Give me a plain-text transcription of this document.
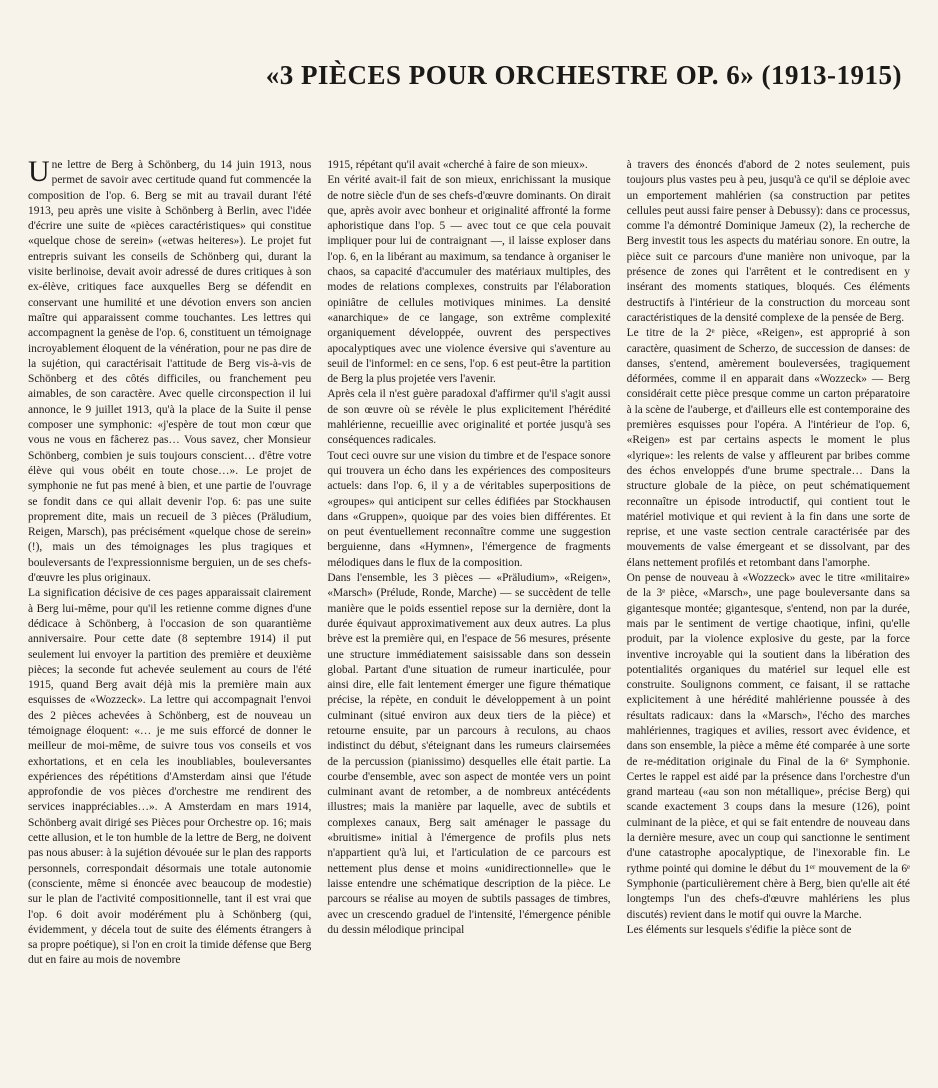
«3 PIÈCES POUR ORCHESTRE OP. 6» (1913-1915)

Une lettre de Berg à Schönberg, du 14 juin 1913, nous permet de savoir avec certitude quand fut commencée la composition de l'op. 6. Berg se mit au travail durant l'été 1913, peu après une visite à Schönberg à Berlin, avec l'idée d'écrire une suite de «pièces caractéristiques» qui constitue «quelque chose de serein» («etwas heiteres»). Le projet fut entrepris suivant les conseils de Schönberg qui, durant la visite berlinoise, devait avoir adressé de dures critiques à son ex-élève, critiques face auxquelles Berg se défendit en conservant une humilité et une dévotion envers son ancien maître qui apparaissent comme touchantes. Les lettres qui accompagnent la genèse de l'op. 6, constituent un témoignage incroyablement éloquent de la vénération, pour ne pas dire de la sujétion, qui caractérisait l'attitude de Berg vis-à-vis de Schönberg et des côtés difficiles, ou franchement peu aimables, de son caractère. Avec quelle circonspection il lui annonce, le 9 juillet 1913, qu'à la place de la Suite il pense composer une symphonic: «j'espère de tout mon cœur que vous ne vous en fâcherez pas… Vous savez, cher Monsieur Schönberg, combien je suis toujours conscient… d'être votre élève qui vous obéit en toute chose…». Le projet de symphonie ne fut pas mené à bien, et une partie de l'ouvrage se fondit dans ce qui allait devenir l'op. 6: pas une suite proprement dite, mais un recueil de 3 pièces (Präludium, Reigen, Marsch), pas précisément «quelque chose de serein» (!), mais un des témoignages les plus tragiques et bouleversants de l'expressionnisme berguien, un de ses chefs-d'œuvre les plus originaux.

La signification décisive de ces pages apparaissait clairement à Berg lui-même, pour qu'il les retienne comme dignes d'une dédicace à Schönberg, à l'occasion de son quarantième anniversaire. Pour cette date (8 septembre 1914) il put seulement lui envoyer la partition des première et deuxième pièces; la seconde fut achevée seulement au cours de l'été 1915, quand Berg avait déjà mis la première main aux esquisses de «Wozzeck». La lettre qui accompagnait l'envoi des 2 pièces achevées à Schönberg, est de nouveau un témoignage éloquent: «… je me suis efforcé de donner le meilleur de moi-même, de suivre tous vos conseils et vos exhortations, et en cela les inoubliables, bouleversantes expériences des répétitions d'Amsterdam ainsi que l'étude approfondie de vos pièces d'orchestre me rendirent des services inappréciables…». A Amsterdam en mars 1914, Schönberg avait dirigé ses Pièces pour Orchestre op. 16; mais cette allusion, et le ton humble de la lettre de Berg, ne doivent pas nous abuser: à la sujétion dévouée sur le plan des rapports personnels, correspondait désormais une totale autonomie (consciente, même si énoncée avec beaucoup de modestie) sur le plan de l'activité compositionnelle, tant il est vrai que l'op. 6 doit avoir modérément plu à Schönberg (qui, évidemment, y décela tout de suite des éléments étrangers à sa propre poétique), si l'on en croit la timide défense que Berg dut en faire au mois de novembre

1915, répétant qu'il avait «cherché à faire de son mieux».

En vérité avait-il fait de son mieux, enrichissant la musique de notre siècle d'un de ses chefs-d'œuvre dominants. On dirait que, après avoir avec bonheur et originalité affronté la forme aphoristique dans l'op. 5 — avec tout ce que cela pouvait impliquer pour lui de contraignant —, il laisse exploser dans l'op. 6, en la libérant au maximum, sa tendance à organiser le chaos, sa capacité d'accumuler des matériaux multiples, des modes de relations complexes, construits par l'élaboration opiniâtre de cellules motiviques minimes. La densité «anarchique» de ce langage, son extrême complexité organiquement développée, ouvrent des perspectives apocalyptiques avec une violence éversive qui s'aventure au seuil de l'informel: en ce sens, l'op. 6 est peut-être la partition de Berg la plus projetée vers l'avenir.

Après cela il n'est guère paradoxal d'affirmer qu'il s'agit aussi de son œuvre où se révèle le plus explicitement l'hérédité mahlérienne, recueillie avec originalité et portée jusqu'à ses conséquences radicales.

Tout ceci ouvre sur une vision du timbre et de l'espace sonore qui trouvera un écho dans les expériences des compositeurs actuels: dans l'op. 6, il y a de véritables superpositions de «groupes» qui anticipent sur celles édifiées par Stockhausen dans «Gruppen», quoique par des voies bien différentes. Et on peut éventuellement reconnaître comme une suggestion berguienne, dans «Hymnen», l'émergence de fragments mélodiques dans le flux de la composition.

Dans l'ensemble, les 3 pièces — «Präludium», «Reigen», «Marsch» (Prélude, Ronde, Marche) — se succèdent de telle manière que le poids essentiel repose sur la dernière, dont la durée équivaut approximativement aux deux autres. La plus brève est la première qui, en l'espace de 56 mesures, présente une structure immédiatement saisissable dans son dessein global. Partant d'une situation de rumeur inarticulée, pour ainsi dire, elle fait lentement émerger une figure thématique précise, la répète, en conduit le développement à un point culminant (situé environ aux deux tiers de la pièce) et retourne ensuite, par un parcours à reculons, au chaos indistinct du début, s'éteignant dans les rumeurs clairsemées de la percussion (pianissimo) desquelles elle était partie. La courbe d'ensemble, avec son aspect de montée vers un point culminant avant de retomber, a de nombreux antécédents illustres; mais la manière par laquelle, avec de subtils et complexes canaux, Berg sait aménager le passage du «bruitisme» initial à l'émergence de profils plus nets n'appartient qu'à lui, et l'articulation de ce parcours est nettement plus dense et moins «unidirectionnelle» que le laisse entendre une schématique description de la pièce. Le parcours se réalise au moyen de subtils passages de timbres, avec un crescendo graduel de l'intensité, l'émergence pénible du dessin mélodique principal

à travers des énoncés d'abord de 2 notes seulement, puis toujours plus vastes peu à peu, jusqu'à ce qu'il se déploie avec un emportement mahlérien (sa construction par petites cellules peut aussi faire penser à Debussy): dans ce processus, comme l'a démontré Dominique Jameux (2), la recherche de Berg investit tous les aspects du matériau sonore. En outre, la pièce suit ce parcours d'une manière non univoque, par la présence de zones qui l'arrêtent et le contredisent en y insérant des moments statiques, bloqués. Ces éléments destructifs à l'intérieur de la construction du morceau sont caractéristiques de la densité complexe de la pensée de Berg.

Le titre de la 2ᵉ pièce, «Reigen», est approprié à son caractère, quasiment de Scherzo, de succession de danses: de danses, s'entend, amèrement bouleversées, tragiquement déformées, comme il en apparait dans «Wozzeck» — Berg considérait cette pièce presque comme un carton préparatoire à la scène de l'auberge, et d'ailleurs elle est contemporaine des premières esquisses pour l'opéra. A l'intérieur de l'op. 6, «Reigen» est par certains aspects le moment le plus «lyrique»: les relents de valse y affleurent par bribes comme des échos enveloppés d'une brume spectrale… Dans la structure globale de la pièce, on peut schématiquement reconnaître un épisode introductif, qui contient tout le matériel motivique et qui revient à la fin dans une sorte de reprise, et une vaste section centrale caractérisée par des mouvements de valse émergeant et se dissolvant, par des élans nettement profilés et retombant dans l'amorphe.

On pense de nouveau à «Wozzeck» avec le titre «militaire» de la 3ᵉ pièce, «Marsch», une page bouleversante dans sa gigantesque montée; gigantesque, s'entend, non par la durée, mais par le sentiment de vertige chaotique, infini, qu'elle produit, par la violence explosive du geste, par la force inventive incroyable qui la soutient dans la libération des potentialités organiques du matériel sur lequel elle est construite. Soulignons comment, ce faisant, il se rattache explicitement à une hérédité mahlérienne poussée à des résultats radicaux: dans la «Marsch», l'écho des marches mahlériennes, tragiques et avilies, ressort avec évidence, et dans son ensemble, la pièce a même été comparée à une sorte de re-méditation originale du Final de la 6ᵉ Symphonie. Certes le rappel est aidé par la présence dans l'orchestre d'un grand marteau («au son non métallique», précise Berg) qui scande exactement 3 coups dans la mesure (126), point culminant de la pièce, et qui se fait entendre de nouveau dans la dernière mesure, avec un coup qui sanctionne le sentiment d'une catastrophe apocalyptique, de l'inexorable fin. Le rythme pointé qui domine le début du 1ᵉʳ mouvement de la 6ᵉ Symphonie (particulièrement chère à Berg, bien qu'elle ait été longtemps l'un des chefs-d'œuvre mahlériens les plus discutés) revient dans le motif qui ouvre la Marche.

Les éléments sur lesquels s'édifie la pièce sont de
